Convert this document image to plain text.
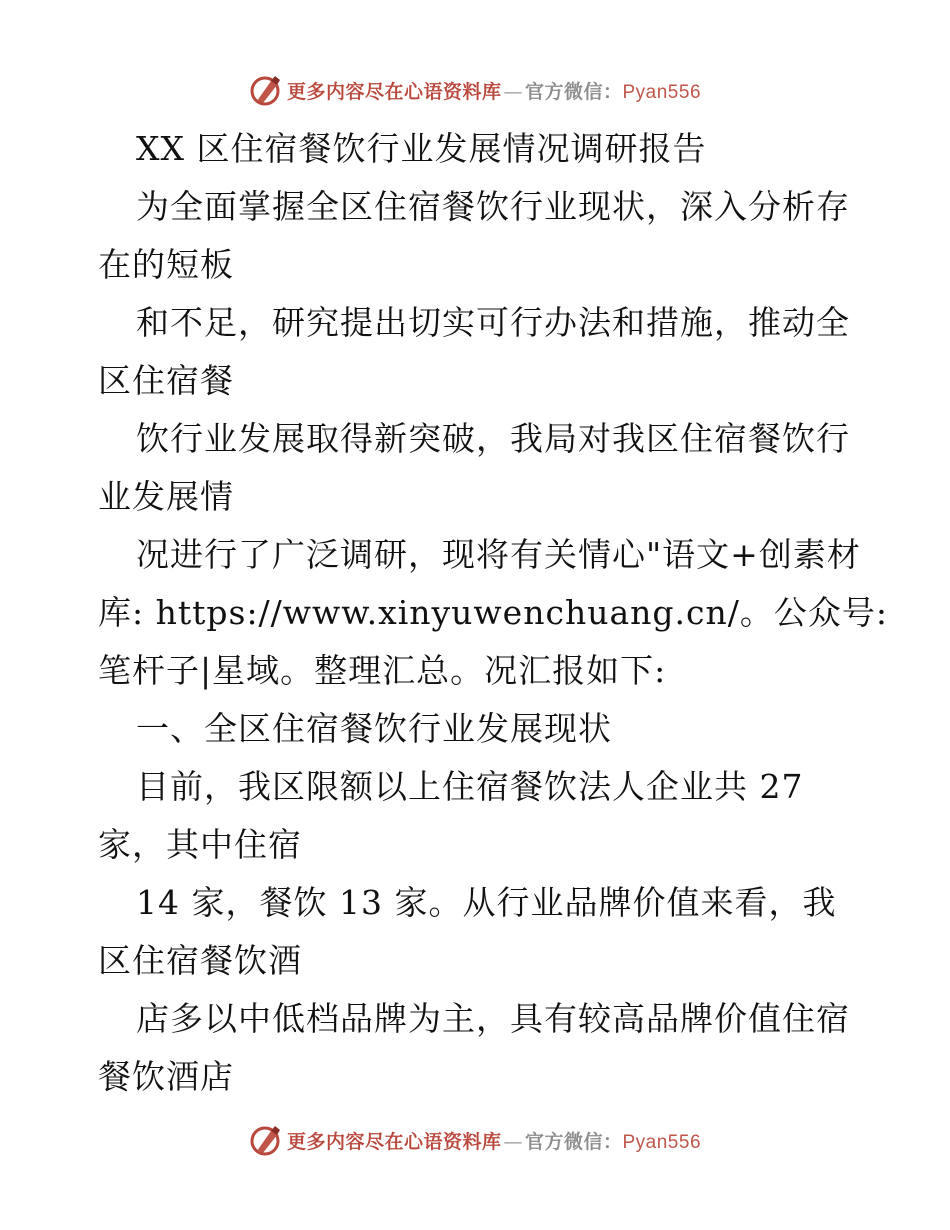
更多内容尽在心语资料库 — 官方微信：Pyan556
XX 区住宿餐饮行业发展情况调研报告
为全面掌握全区住宿餐饮行业现状，深入分析存
在的短板
和不足，研究提出切实可行办法和措施，推动全
区住宿餐
饮行业发展取得新突破，我局对我区住宿餐饮行
业发展情
况进行了广泛调研，现将有关情心"语文+创素材
库: https://www.xinyuwenchuang.cn/。公众号:
笔杆子|星域。整理汇总。况汇报如下:
一、全区住宿餐饮行业发展现状
目前，我区限额以上住宿餐饮法人企业共 27
家，其中住宿
14 家，餐饮 13 家。从行业品牌价值来看，我
区住宿餐饮酒
店多以中低档品牌为主，具有较高品牌价值住宿
餐饮酒店
更多内容尽在心语资料库 — 官方微信：Pyan556
